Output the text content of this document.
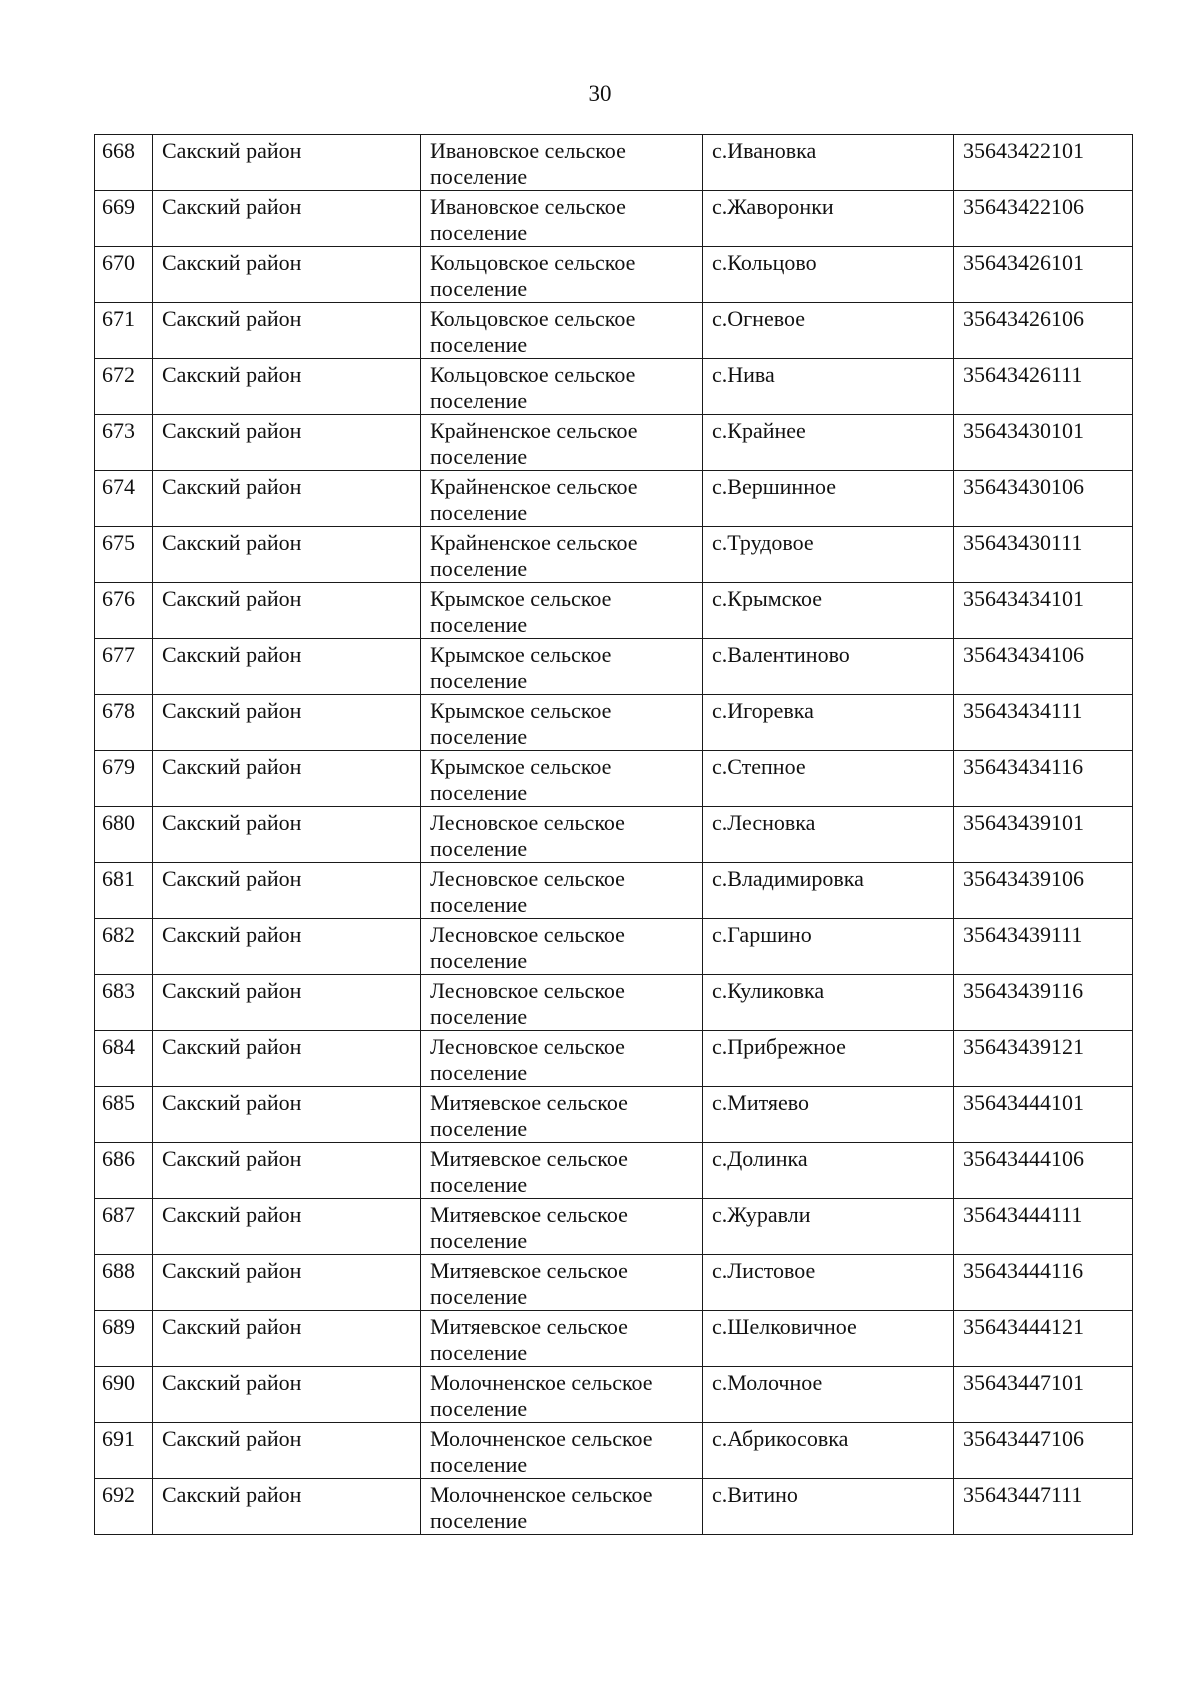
30
668	Сакский район	Ивановское сельское поселение	с.Ивановка	35643422101
669	Сакский район	Ивановское сельское поселение	с.Жаворонки	35643422106
670	Сакский район	Кольцовское сельское поселение	с.Кольцово	35643426101
671	Сакский район	Кольцовское сельское поселение	с.Огневое	35643426106
672	Сакский район	Кольцовское сельское поселение	с.Нива	35643426111
673	Сакский район	Крайненское сельское поселение	с.Крайнее	35643430101
674	Сакский район	Крайненское сельское поселение	с.Вершинное	35643430106
675	Сакский район	Крайненское сельское поселение	с.Трудовое	35643430111
676	Сакский район	Крымское сельское поселение	с.Крымское	35643434101
677	Сакский район	Крымское сельское поселение	с.Валентиново	35643434106
678	Сакский район	Крымское сельское поселение	с.Игоревка	35643434111
679	Сакский район	Крымское сельское поселение	с.Степное	35643434116
680	Сакский район	Лесновское сельское поселение	с.Лесновка	35643439101
681	Сакский район	Лесновское сельское поселение	с.Владимировка	35643439106
682	Сакский район	Лесновское сельское поселение	с.Гаршино	35643439111
683	Сакский район	Лесновское сельское поселение	с.Куликовка	35643439116
684	Сакский район	Лесновское сельское поселение	с.Прибрежное	35643439121
685	Сакский район	Митяевское сельское поселение	с.Митяево	35643444101
686	Сакский район	Митяевское сельское поселение	с.Долинка	35643444106
687	Сакский район	Митяевское сельское поселение	с.Журавли	35643444111
688	Сакский район	Митяевское сельское поселение	с.Листовое	35643444116
689	Сакский район	Митяевское сельское поселение	с.Шелковичное	35643444121
690	Сакский район	Молочненское сельское поселение	с.Молочное	35643447101
691	Сакский район	Молочненское сельское поселение	с.Абрикосовка	35643447106
692	Сакский район	Молочненское сельское поселение	с.Витино	35643447111
